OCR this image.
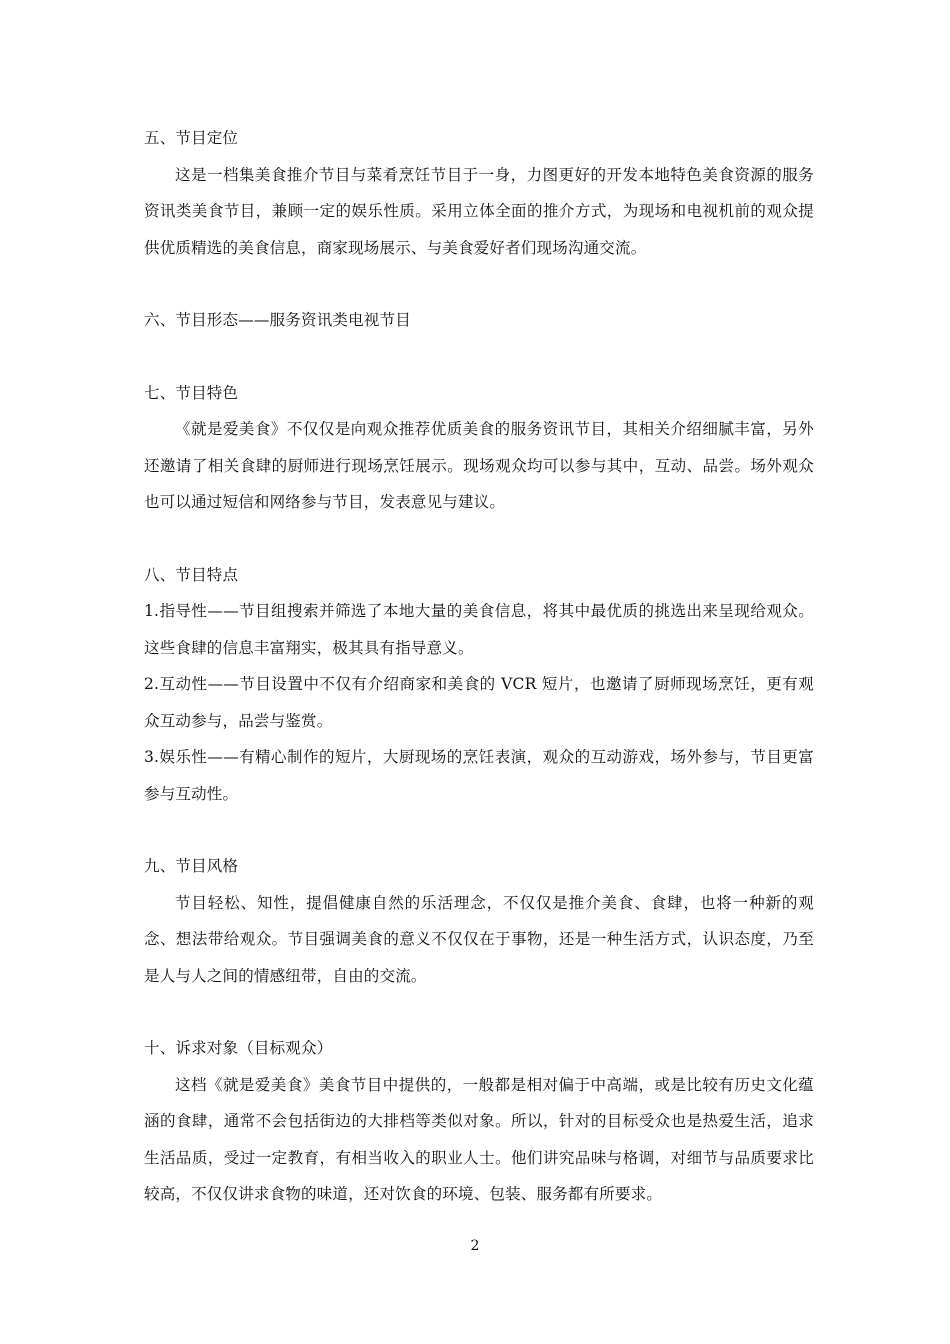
五、节目定位

这是一档集美食推介节目与菜肴烹饪节目于一身，力图更好的开发本地特色美食资源的服务资讯类美食节目，兼顾一定的娱乐性质。采用立体全面的推介方式，为现场和电视机前的观众提供优质精选的美食信息，商家现场展示、与美食爱好者们现场沟通交流。

六、节目形态——服务资讯类电视节目

七、节目特色

《就是爱美食》不仅仅是向观众推荐优质美食的服务资讯节目，其相关介绍细腻丰富，另外还邀请了相关食肆的厨师进行现场烹饪展示。现场观众均可以参与其中，互动、品尝。场外观众也可以通过短信和网络参与节目，发表意见与建议。

八、节目特点

1.指导性——节目组搜索并筛选了本地大量的美食信息，将其中最优质的挑选出来呈现给观众。这些食肆的信息丰富翔实，极其具有指导意义。

2.互动性——节目设置中不仅有介绍商家和美食的 VCR 短片，也邀请了厨师现场烹饪，更有观众互动参与，品尝与鉴赏。

3.娱乐性——有精心制作的短片，大厨现场的烹饪表演，观众的互动游戏，场外参与，节目更富参与互动性。

九、节目风格

节目轻松、知性，提倡健康自然的乐活理念，不仅仅是推介美食、食肆，也将一种新的观念、想法带给观众。节目强调美食的意义不仅仅在于事物，还是一种生活方式，认识态度，乃至是人与人之间的情感纽带，自由的交流。

十、诉求对象（目标观众）

这档《就是爱美食》美食节目中提供的，一般都是相对偏于中高端，或是比较有历史文化蕴涵的食肆，通常不会包括街边的大排档等类似对象。所以，针对的目标受众也是热爱生活，追求生活品质，受过一定教育，有相当收入的职业人士。他们讲究品味与格调，对细节与品质要求比较高，不仅仅讲求食物的味道，还对饮食的环境、包装、服务都有所要求。

2
